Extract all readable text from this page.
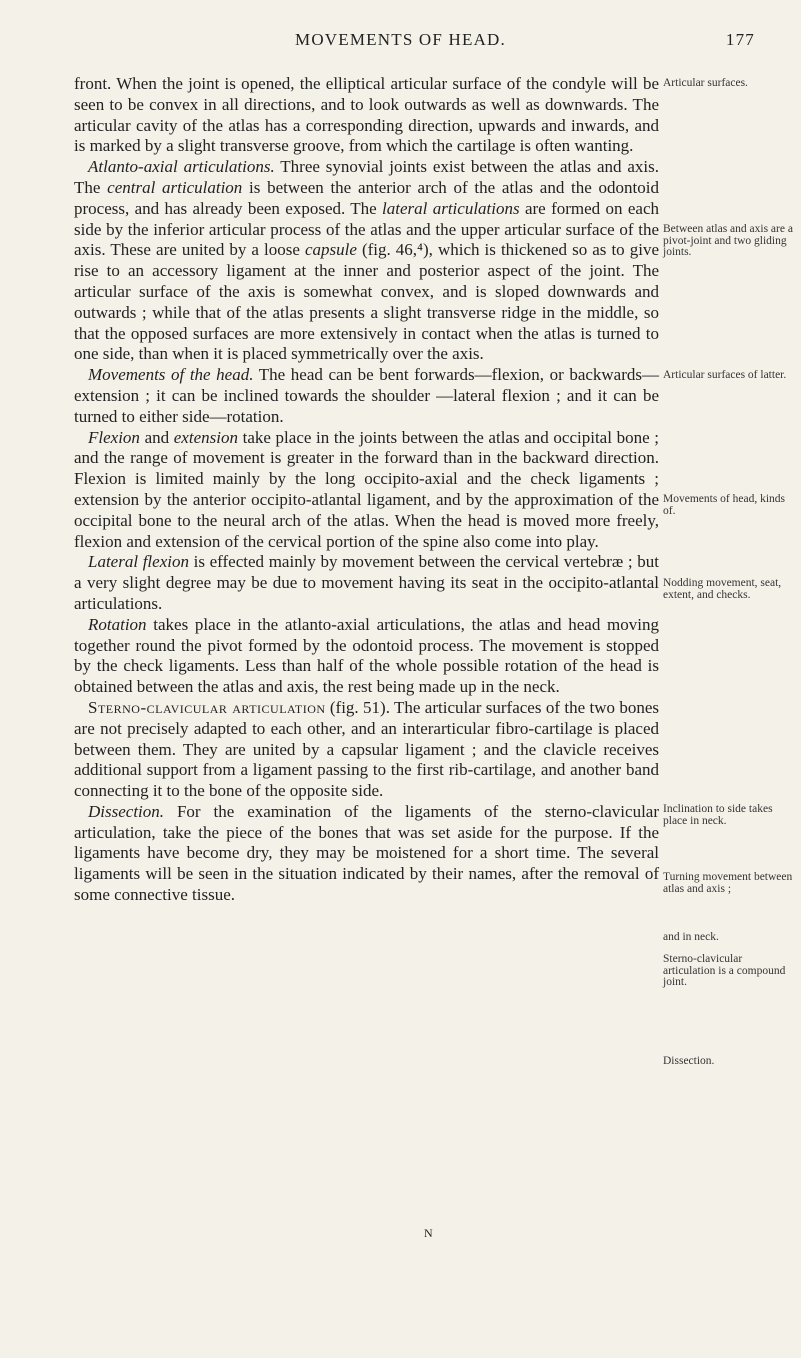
MOVEMENTS OF HEAD.	177

front. When the joint is opened, the elliptical articular surface of the condyle will be seen to be convex in all directions, and to look outwards as well as downwards. The articular cavity of the atlas has a corresponding direction, upwards and inwards, and is marked by a slight transverse groove, from which the cartilage is often wanting.

Atlanto-axial articulations. Three synovial joints exist between the atlas and axis. The central articulation is between the anterior arch of the atlas and the odontoid process, and has already been exposed. The lateral articulations are formed on each side by the inferior articular process of the atlas and the upper articular surface of the axis. These are united by a loose capsule (fig. 46,⁴), which is thickened so as to give rise to an accessory ligament at the inner and posterior aspect of the joint. The articular surface of the axis is somewhat convex, and is sloped downwards and outwards ; while that of the atlas presents a slight transverse ridge in the middle, so that the opposed surfaces are more extensively in contact when the atlas is turned to one side, than when it is placed symmetrically over the axis.

Movements of the head. The head can be bent forwards—flexion, or backwards—extension ; it can be inclined towards the shoulder —lateral flexion ; and it can be turned to either side—rotation.

Flexion and extension take place in the joints between the atlas and occipital bone ; and the range of movement is greater in the forward than in the backward direction. Flexion is limited mainly by the long occipito-axial and the check ligaments ; extension by the anterior occipito-atlantal ligament, and by the approximation of the occipital bone to the neural arch of the atlas. When the head is moved more freely, flexion and extension of the cervical portion of the spine also come into play.

Lateral flexion is effected mainly by movement between the cervical vertebræ ; but a very slight degree may be due to movement having its seat in the occipito-atlantal articulations.

Rotation takes place in the atlanto-axial articulations, the atlas and head moving together round the pivot formed by the odontoid process. The movement is stopped by the check ligaments. Less than half of the whole possible rotation of the head is obtained between the atlas and axis, the rest being made up in the neck.

Sterno-clavicular articulation (fig. 51). The articular surfaces of the two bones are not precisely adapted to each other, and an interarticular fibro-cartilage is placed between them. They are united by a capsular ligament ; and the clavicle receives additional support from a ligament passing to the first rib-cartilage, and another band connecting it to the bone of the opposite side.

Dissection. For the examination of the ligaments of the sterno-clavicular articulation, take the piece of the bones that was set aside for the purpose. If the ligaments have become dry, they may be moistened for a short time. The several ligaments will be seen in the situation indicated by their names, after the removal of some connective tissue.

Articular surfaces.
Between atlas and axis are a pivot-joint and two gliding joints.
Articular surfaces of latter.
Movements of head, kinds of.
Nodding movement, seat, extent, and checks.
Inclination to side takes place in neck.
Turning movement between atlas and axis ;
and in neck.
Sterno-clavicular articulation is a compound joint.
Dissection.
N
